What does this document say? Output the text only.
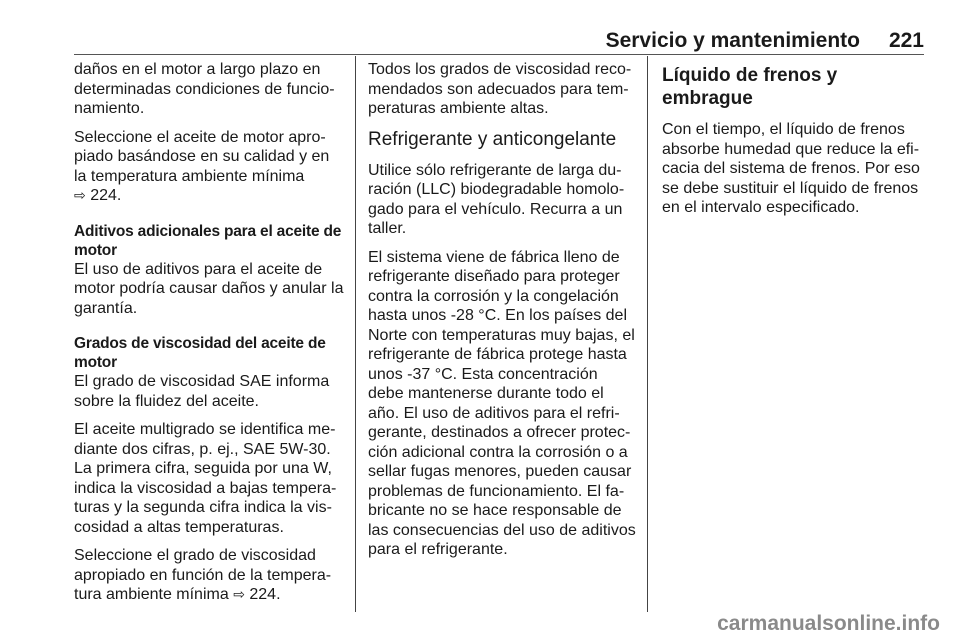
Servicio y mantenimiento	221

daños en el motor a largo plazo en determinadas condiciones de funcio‐namiento.

Seleccione el aceite de motor apro‐piado basándose en su calidad y en la temperatura ambiente mínima
⇨ 224.

Aditivos adicionales para el aceite de motor

El uso de aditivos para el aceite de motor podría causar daños y anular la garantía.

Grados de viscosidad del aceite de motor

El grado de viscosidad SAE informa sobre la fluidez del aceite.

El aceite multigrado se identifica me‐diante dos cifras, p. ej., SAE 5W-30. La primera cifra, seguida por una W, indica la viscosidad a bajas tempera‐turas y la segunda cifra indica la vis‐cosidad a altas temperaturas.

Seleccione el grado de viscosidad apropiado en función de la tempera‐tura ambiente mínima ⇨ 224.

Todos los grados de viscosidad reco‐mendados son adecuados para tem‐peraturas ambiente altas.

Refrigerante y anticongelante

Utilice sólo refrigerante de larga du‐ración (LLC) biodegradable homolo‐gado para el vehículo. Recurra a un taller.

El sistema viene de fábrica lleno de refrigerante diseñado para proteger contra la corrosión y la congelación hasta unos -28 °C. En los países del Norte con temperaturas muy bajas, el refrigerante de fábrica protege hasta unos -37 °C. Esta concentración debe mantenerse durante todo el año. El uso de aditivos para el refri‐gerante, destinados a ofrecer protec‐ción adicional contra la corrosión o a sellar fugas menores, pueden causar problemas de funcionamiento. El fa‐bricante no se hace responsable de las consecuencias del uso de aditivos para el refrigerante.

Líquido de frenos y embrague

Con el tiempo, el líquido de frenos absorbe humedad que reduce la efi‐cacia del sistema de frenos. Por eso se debe sustituir el líquido de frenos en el intervalo especificado.

carmanualsonline.info
